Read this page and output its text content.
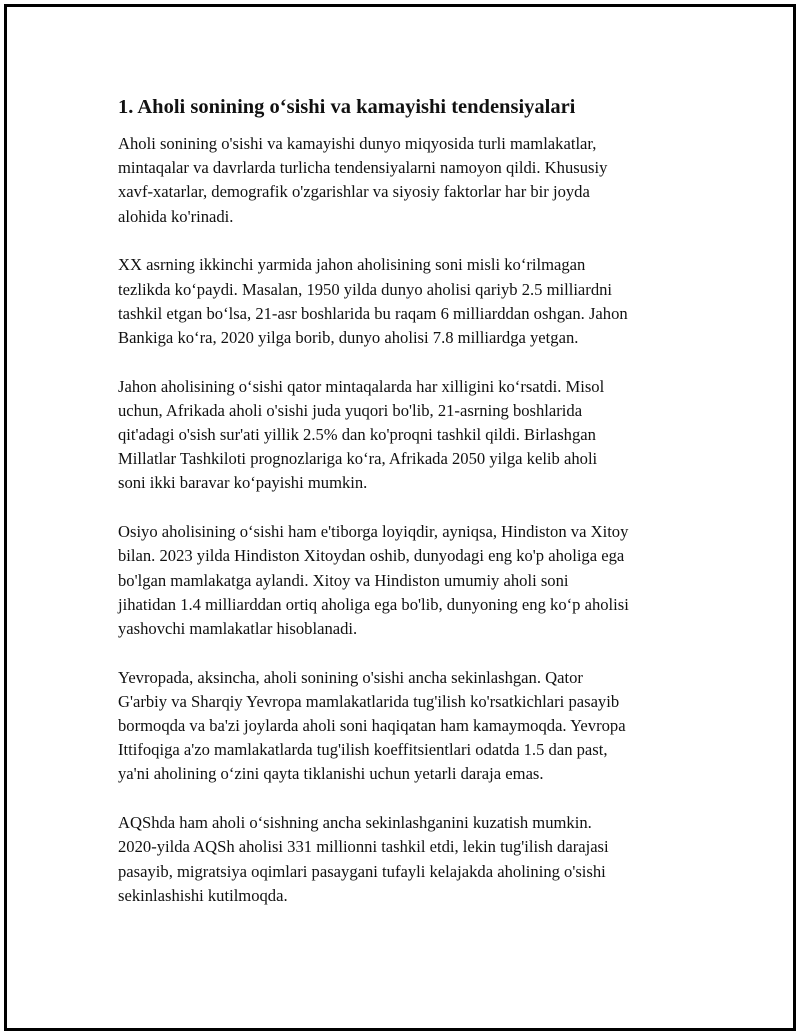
1. Aholi sonining o‘sishi va kamayishi tendensiyalari

Aholi sonining o'sishi va kamayishi dunyo miqyosida turli mamlakatlar,
mintaqalar va davrlarda turlicha tendensiyalarni namoyon qildi. Khususiy
xavf-xatarlar, demografik o'zgarishlar va siyosiy faktorlar har bir joyda
alohida ko'rinadi.

XX asrning ikkinchi yarmida jahon aholisining soni misli ko‘rilmagan
tezlikda ko‘paydi. Masalan, 1950 yilda dunyo aholisi qariyb 2.5 milliardni
tashkil etgan bo‘lsa, 21-asr boshlarida bu raqam 6 milliarddan oshgan. Jahon
Bankiga ko‘ra, 2020 yilga borib, dunyo aholisi 7.8 milliardga yetgan.

Jahon aholisining o‘sishi qator mintaqalarda har xilligini ko‘rsatdi. Misol
uchun, Afrikada aholi o'sishi juda yuqori bo'lib, 21-asrning boshlarida
qit'adagi o'sish sur'ati yillik 2.5% dan ko'proqni tashkil qildi. Birlashgan
Millatlar Tashkiloti prognozlariga ko‘ra, Afrikada 2050 yilga kelib aholi
soni ikki baravar ko‘payishi mumkin.

Osiyo aholisining o‘sishi ham e'tiborga loyiqdir, ayniqsa, Hindiston va Xitoy
bilan. 2023 yilda Hindiston Xitoydan oshib, dunyodagi eng ko'p aholiga ega
bo'lgan mamlakatga aylandi. Xitoy va Hindiston umumiy aholi soni
jihatidan 1.4 milliarddan ortiq aholiga ega bo'lib, dunyoning eng ko‘p aholisi
yashovchi mamlakatlar hisoblanadi.

Yevropada, aksincha, aholi sonining o'sishi ancha sekinlashgan. Qator
G'arbiy va Sharqiy Yevropa mamlakatlarida tug'ilish ko'rsatkichlari pasayib
bormoqda va ba'zi joylarda aholi soni haqiqatan ham kamaymoqda. Yevropa
Ittifoqiga a'zo mamlakatlarda tug'ilish koeffitsientlari odatda 1.5 dan past,
ya'ni aholining o‘zini qayta tiklanishi uchun yetarli daraja emas.

AQShda ham aholi o‘sishning ancha sekinlashganini kuzatish mumkin.
2020-yilda AQSh aholisi 331 millionni tashkil etdi, lekin tug'ilish darajasi
pasayib, migratsiya oqimlari pasaygani tufayli kelajakda aholining o'sishi
sekinlashishi kutilmoqda.
